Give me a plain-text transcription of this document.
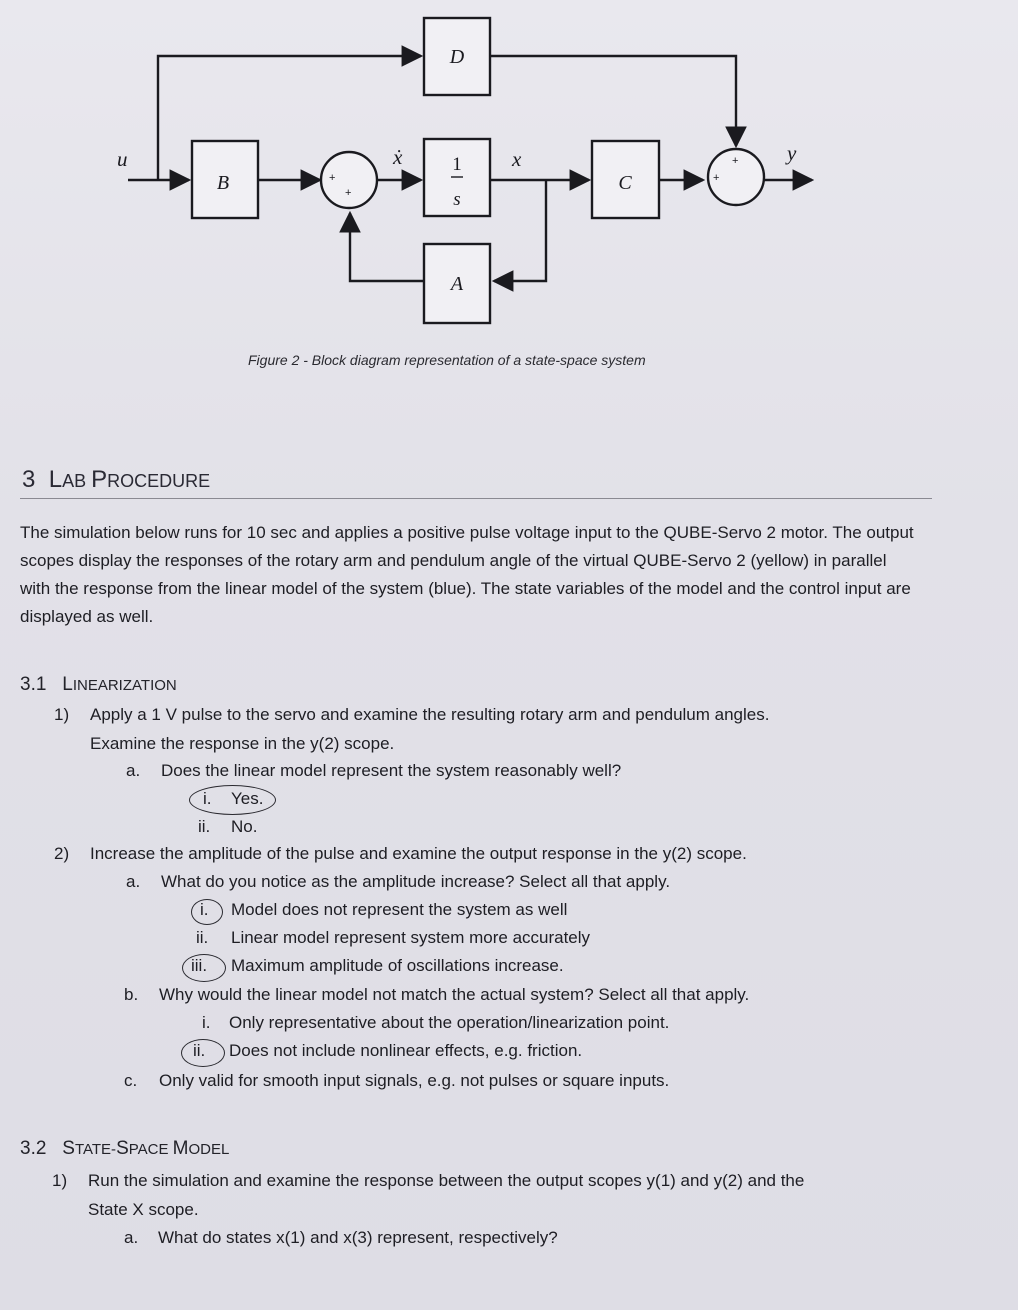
D
B
1
s
C
A
u	ẋ	x	y
+
+
+
+
Figure 2 - Block diagram representation of a state-space system
3 LAB PROCEDURE
The simulation below runs for 10 sec and applies a positive pulse voltage input to the QUBE-Servo 2 motor. The output scopes display the responses of the rotary arm and pendulum angle of the virtual QUBE-Servo 2 (yellow) in parallel with the response from the linear model of the system (blue). The state variables of the model and the control input are displayed as well.
3.1 LINEARIZATION
1) Apply a 1 V pulse to the servo and examine the resulting rotary arm and pendulum angles.
Examine the response in the y(2) scope.
a. Does the linear model represent the system reasonably well?
i. Yes.
ii. No.
2) Increase the amplitude of the pulse and examine the output response in the y(2) scope.
a. What do you notice as the amplitude increase? Select all that apply.
i. Model does not represent the system as well
ii. Linear model represent system more accurately
iii. Maximum amplitude of oscillations increase.
b. Why would the linear model not match the actual system? Select all that apply.
i. Only representative about the operation/linearization point.
ii. Does not include nonlinear effects, e.g. friction.
c. Only valid for smooth input signals, e.g. not pulses or square inputs.
3.2 STATE-SPACE MODEL
1) Run the simulation and examine the response between the output scopes y(1) and y(2) and the
State X scope.
a. What do states x(1) and x(3) represent, respectively?
